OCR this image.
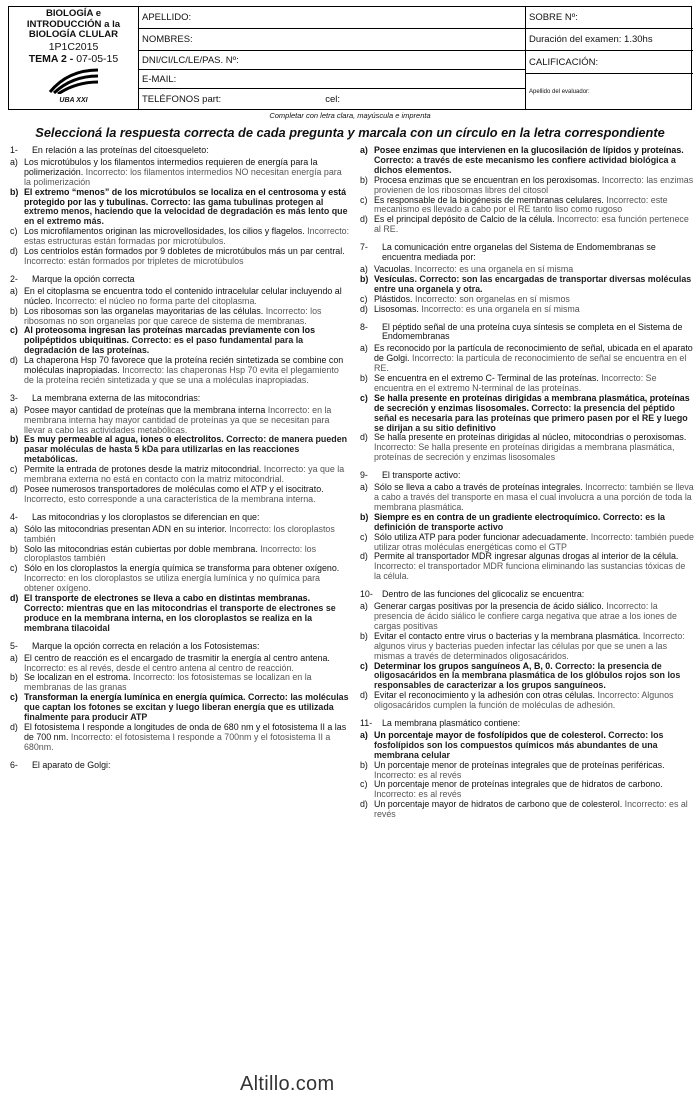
BIOLOGÍA e
INTRODUCCIÓN a la
BIOLOGÍA CLULAR
1P1C2015
TEMA 2 - 07-05-15
UBA XXI
APELLIDO:
NOMBRES:
DNI/CI/LC/LE/PAS. Nº:
E-MAIL:
TELÉFONOS part:	cel:
SOBRE Nº:
Duración del examen: 1.30hs
CALIFICACIÓN:
Apellido del evaluador:
Completar con letra clara, mayúscula e imprenta
Seleccioná la respuesta correcta de cada pregunta y marcala con un círculo en la letra correspondiente
1-	En relación a las proteínas del citoesqueleto:
a) Los microtúbulos y los filamentos intermedios requieren de energía para la polimerización. Incorrecto: los filamentos intermedios NO necesitan energía para la polimerización
b) El extremo “menos” de los microtúbulos se localiza en el centrosoma y está protegido por las y tubulinas. Correcto: las gama tubulinas protegen al extremo menos, haciendo que la velocidad de degradación es más lento que en el extremo más.
c) Los microfilamentos originan las microvellosidades, los cilios y flagelos. Incorrecto: estas estructuras están formadas por microtúbulos.
d) Los centriolos están formados por 9 dobletes de microtúbulos más un par central. Incorrecto: están formados por tripletes de microtúbulos
2-	Marque la opción correcta
a) En el citoplasma se encuentra todo el contenido intracelular celular incluyendo al núcleo. Incorrecto: el núcleo no forma parte del citoplasma.
b) Los ribosomas son las organelas mayoritarias de las células. Incorrecto: los ribosomas no son organelas por que carece de sistema de membranas.
c) Al proteosoma ingresan las proteínas marcadas previamente con los polipéptidos ubiquitinas. Correcto: es el paso fundamental para la degradación de las proteínas.
d) La chaperona Hsp 70 favorece que la proteína recién sintetizada se combine con moléculas inapropiadas. Incorrecto: las chaperonas Hsp 70 evita el plegamiento de la proteína recién sintetizada y que se una a moléculas inapropiadas.
3-	La membrana externa de las mitocondrias:
a) Posee mayor cantidad de proteínas que la membrana interna Incorrecto: en la membrana interna hay mayor cantidad de proteínas ya que se necesitan para llevar a cabo las actividades metabólicas.
b) Es muy permeable al agua, iones o electrolitos. Correcto: de manera pueden pasar moléculas de hasta 5 kDa para utilizarlas en las reacciones metabólicas.
c) Permite la entrada de protones desde la matriz mitocondrial. Incorrecto: ya que la membrana externa no está en contacto con la matriz mitocondrial.
d) Posee numerosos transportadores de moléculas como el ATP y el isocitrato. Incorrecto, esto corresponde a una característica de la membrana interna.
4-	Las mitocondrias y los cloroplastos se diferencian en que:
a) Sólo las mitocondrias presentan ADN en su interior. Incorrecto: los cloroplastos también
b) Solo las mitocondrias están cubiertas por doble membrana. Incorrecto: los cloroplastos también
c) Sólo en los cloroplastos la energía química se transforma para obtener oxígeno. Incorrecto: en los cloroplastos se utiliza energía lumínica y no química para obtener oxígeno.
d) El transporte de electrones se lleva a cabo en distintas membranas. Correcto: mientras que en las mitocondrias el transporte de electrones se produce en la membrana interna, en los cloroplastos se realiza en la membrana tilacoidal
5-	Marque la opción correcta en relación a los Fotosistemas:
a) El centro de reacción es el encargado de trasmitir la energía al centro antena. Incorrecto: es al revés, desde el centro antena al centro de reacción.
b) Se localizan en el estroma. Incorrecto: los fotosistemas se localizan en la membranas de las granas
c) Transforman la energía lumínica en energía química. Correcto: las moléculas que captan los fotones se excitan y luego liberan energía que es utilizada finalmente para producir ATP
d) El fotosistema I responde a longitudes de onda de 680 nm y el fotosistema II a las de 700 nm. Incorrecto: el fotosistema I responde a 700nm y el fotosistema II a 680nm.
6-	El aparato de Golgi:
a) Posee enzimas que intervienen en la glucosilación de lípidos y proteínas. Correcto: a través de este mecanismo les confiere actividad biológica a dichos elementos.
b) Procesa enzimas que se encuentran en los peroxisomas. Incorrecto: las enzimas provienen de los ribosomas libres del citosol
c) Es responsable de la biogénesis de membranas celulares. Incorrecto: este mecanismo es llevado a cabo por el RE tanto liso como rugoso
d) Es el principal depósito de Calcio de la célula. Incorrecto: esa función pertenece al RE.
7-	La comunicación entre organelas del Sistema de Endomembranas se encuentra mediada por:
a) Vacuolas. Incorrecto: es una organela en sí misma
b) Vesículas. Correcto: son las encargadas de transportar diversas moléculas entre una organela y otra.
c) Plástidos. Incorrecto: son organelas en sí mismos
d) Lisosomas. Incorrecto: es una organela en sí misma
8-	El péptido señal de una proteína cuya síntesis se completa en el Sistema de Endomembranas
a) Es reconocido por la partícula de reconocimiento de señal, ubicada en el aparato de Golgi. Incorrecto: la partícula de reconocimiento de señal se encuentra en el RE.
b) Se encuentra en el extremo C- Terminal de las proteínas. Incorrecto: Se encuentra en el extremo N-terminal de las proteínas.
c) Se halla presente en proteínas dirigidas a membrana plasmática, proteínas de secreción y enzimas lisosomales. Correcto: la presencia del péptido señal es necesaria para las proteínas que primero pasen por el RE y luego se dirijan a su sitio definitivo
d) Se halla presente en proteínas dirigidas al núcleo, mitocondrias o peroxisomas. Incorrecto: Se halla presente en proteínas dirigidas a membrana plasmática, proteínas de secreción y enzimas lisosomales
9-	El transporte activo:
a) Sólo se lleva a cabo a través de proteínas integrales. Incorrecto: también se lleva a cabo a través del transporte en masa el cual involucra a una porción de toda la membrana plasmática.
b) Siempre es en contra de un gradiente electroquímico. Correcto: es la definición de transporte activo
c) Sólo utiliza ATP para poder funcionar adecuadamente. Incorrecto: también puede utilizar otras moléculas energéticas como el GTP
d) Permite al transportador MDR ingresar algunas drogas al interior de la célula. Incorrecto: el transportador MDR funciona eliminando las sustancias tóxicas de la célula.
10-	Dentro de las funciones del glicocaliz se encuentra:
a) Generar cargas positivas por la presencia de ácido siálico. Incorrecto: la presencia de ácido siálico le confiere carga negativa que atrae a los iones de cargas positivas
b) Evitar el contacto entre virus o bacterias y la membrana plasmática. Incorrecto: algunos virus y bacterias pueden infectar las células por que se unen a las mismas a través de determinados oligosacáridos.
c) Determinar los grupos sanguíneos A, B, 0. Correcto: la presencia de oligosacáridos en la membrana plasmática de los glóbulos rojos son los responsables de caracterizar a los grupos sanguíneos.
d) Evitar el reconocimiento y la adhesión con otras células. Incorrecto: Algunos oligosacáridos cumplen la función de moléculas de adhesión.
11-	La membrana plasmático contiene:
a) Un porcentaje mayor de fosfolípidos que de colesterol. Correcto: los fosfolípidos son los compuestos químicos más abundantes de una membrana celular
b) Un porcentaje menor de proteínas integrales que de proteínas periféricas. Incorrecto: es al revés
c) Un porcentaje menor de proteínas integrales que de hidratos de carbono. Incorrecto: es al revés
d) Un porcentaje mayor de hidratos de carbono que de colesterol. Incorrecto: es al revés
Altillo.com
